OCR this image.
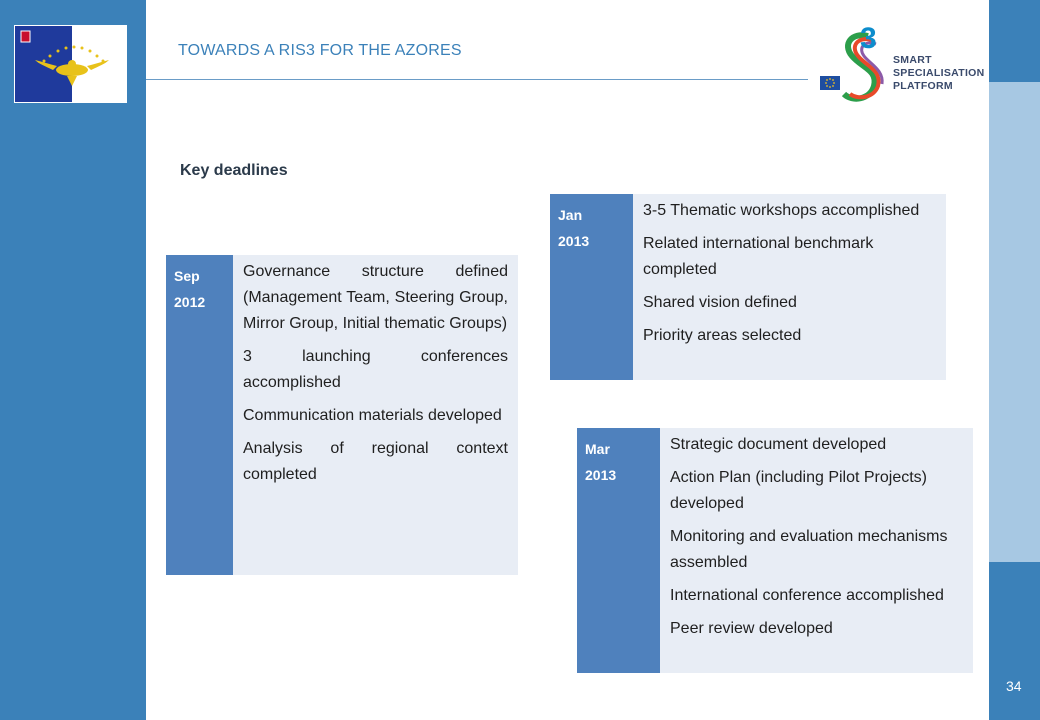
TOWARDS A RIS3 FOR THE AZORES	3
SMART
SPECIALISATION
PLATFORM
Key deadlines
Sep
2012
Governance structure defined (Management Team, Steering Group, Mirror Group, Initial thematic Groups)
3 launching conferences accomplished
Communication materials developed
Analysis of regional context completed
Jan
2013
3-5 Thematic workshops accomplished
Related international benchmark completed
Shared vision defined
Priority areas selected
Mar
2013
Strategic document developed
Action Plan (including Pilot Projects) developed
Monitoring and evaluation mechanisms assembled
International conference accomplished
Peer review developed
34
